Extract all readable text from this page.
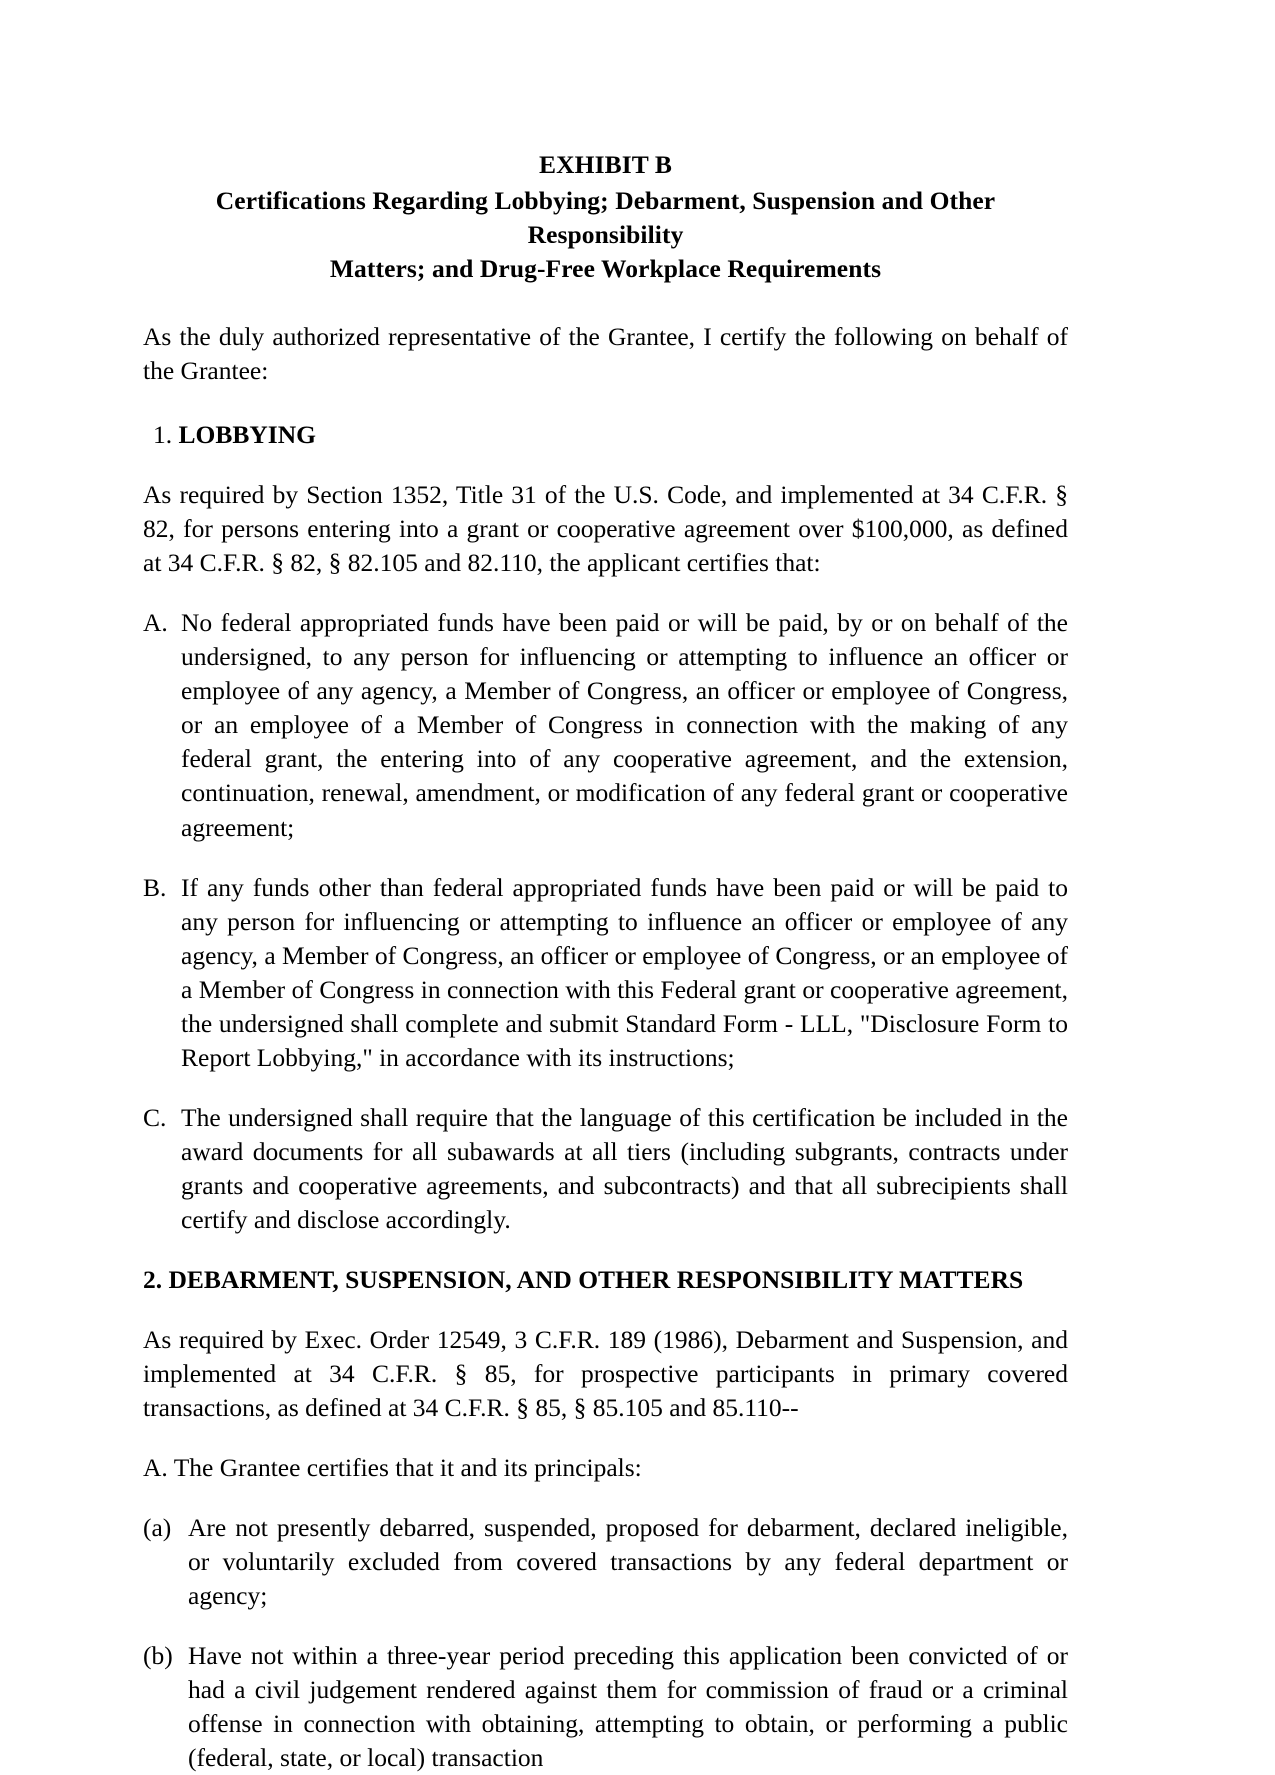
EXHIBIT B
Certifications Regarding Lobbying; Debarment, Suspension and Other Responsibility
Matters; and Drug-Free Workplace Requirements

As the duly authorized representative of the Grantee, I certify the following on behalf of the Grantee:

1. LOBBYING

As required by Section 1352, Title 31 of the U.S. Code, and implemented at 34 C.F.R. § 82, for persons entering into a grant or cooperative agreement over $100,000, as defined at 34 C.F.R. § 82, § 82.105 and 82.110, the applicant certifies that:

A. No federal appropriated funds have been paid or will be paid, by or on behalf of the undersigned, to any person for influencing or attempting to influence an officer or employee of any agency, a Member of Congress, an officer or employee of Congress, or an employee of a Member of Congress in connection with the making of any federal grant, the entering into of any cooperative agreement, and the extension, continuation, renewal, amendment, or modification of any federal grant or cooperative agreement;
B. If any funds other than federal appropriated funds have been paid or will be paid to any person for influencing or attempting to influence an officer or employee of any agency, a Member of Congress, an officer or employee of Congress, or an employee of a Member of Congress in connection with this Federal grant or cooperative agreement, the undersigned shall complete and submit Standard Form - LLL, "Disclosure Form to Report Lobbying," in accordance with its instructions;
C. The undersigned shall require that the language of this certification be included in the award documents for all subawards at all tiers (including subgrants, contracts under grants and cooperative agreements, and subcontracts) and that all subrecipients shall certify and disclose accordingly.
2. DEBARMENT, SUSPENSION, AND OTHER RESPONSIBILITY MATTERS

As required by Exec. Order 12549, 3 C.F.R. 189 (1986), Debarment and Suspension, and implemented at 34 C.F.R. § 85, for prospective participants in primary covered transactions, as defined at 34 C.F.R. § 85, § 85.105 and 85.110--

A. The Grantee certifies that it and its principals:

(a) Are not presently debarred, suspended, proposed for debarment, declared ineligible, or voluntarily excluded from covered transactions by any federal department or agency;
(b) Have not within a three-year period preceding this application been convicted of or had a civil judgement rendered against them for commission of fraud or a criminal offense in connection with obtaining, attempting to obtain, or performing a public (federal, state, or local) transaction
